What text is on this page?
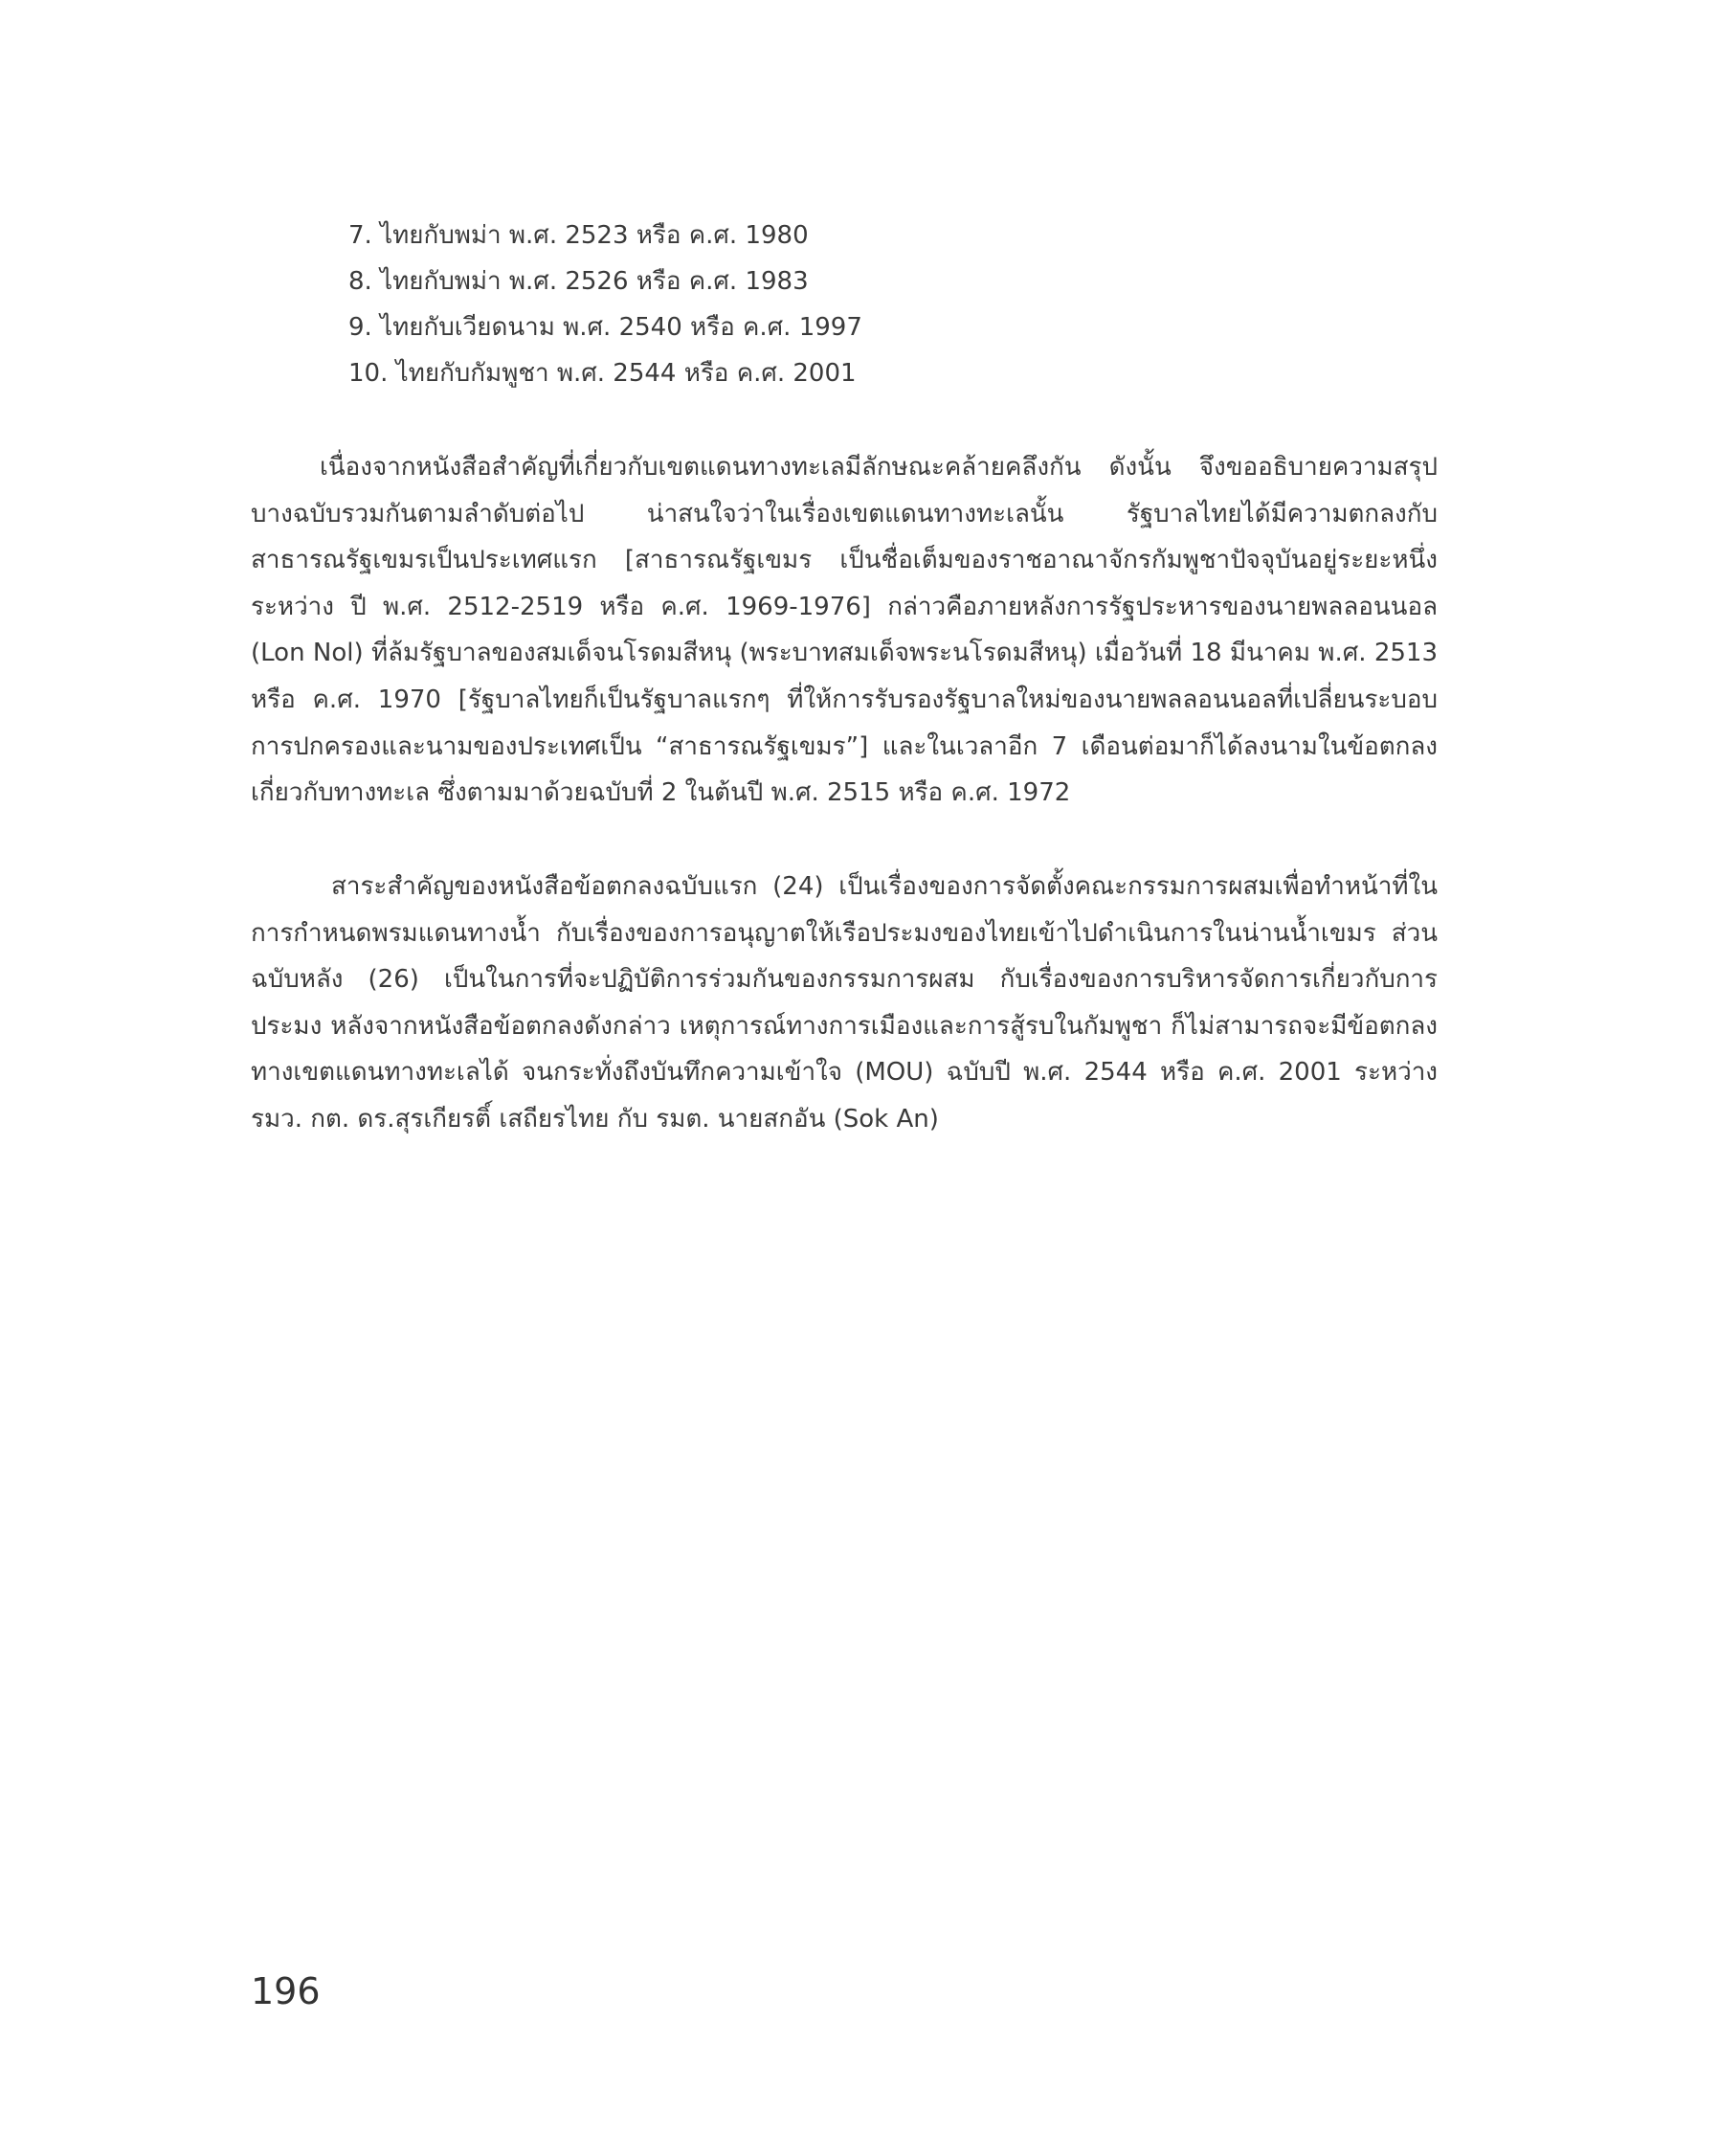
7. ไทยกับพม่า พ.ศ. 2523 หรือ ค.ศ. 1980
8. ไทยกับพม่า พ.ศ. 2526 หรือ ค.ศ. 1983
9. ไทยกับเวียดนาม พ.ศ. 2540 หรือ ค.ศ. 1997
10. ไทยกับกัมพูชา พ.ศ. 2544 หรือ ค.ศ. 2001

เนื่องจากหนังสือสำคัญที่เกี่ยวกับเขตแดนทางทะเลมีลักษณะคล้ายคลึงกัน ดังนั้น จึงขออธิบายความสรุปบางฉบับรวมกันตามลำดับต่อไป น่าสนใจว่าในเรื่องเขตแดนทางทะเลนั้น รัฐบาลไทยได้มีความตกลงกับสาธารณรัฐเขมรเป็นประเทศแรก [สาธารณรัฐเขมร เป็นชื่อเต็มของราชอาณาจักรกัมพูชาปัจจุบันอยู่ระยะหนึ่ง ระหว่าง ปี พ.ศ. 2512-2519 หรือ ค.ศ. 1969-1976] กล่าวคือภายหลังการรัฐประหารของนายพลลอนนอล (Lon Nol) ที่ล้มรัฐบาลของสมเด็จนโรดมสีหนุ (พระบาทสมเด็จพระนโรดมสีหนุ) เมื่อวันที่ 18 มีนาคม พ.ศ. 2513 หรือ ค.ศ. 1970 [รัฐบาลไทยก็เป็นรัฐบาลแรกๆ ที่ให้การรับรองรัฐบาลใหม่ของนายพลลอนนอลที่เปลี่ยนระบอบการปกครองและนามของประเทศเป็น “สาธารณรัฐเขมร”] และในเวลาอีก 7 เดือนต่อมาก็ได้ลงนามในข้อตกลงเกี่ยวกับทางทะเล ซึ่งตามมาด้วยฉบับที่ 2 ในต้นปี พ.ศ. 2515 หรือ ค.ศ. 1972

สาระสำคัญของหนังสือข้อตกลงฉบับแรก (24) เป็นเรื่องของการจัดตั้งคณะกรรมการผสมเพื่อทำหน้าที่ในการกำหนดพรมแดนทางน้ำ กับเรื่องของการอนุญาตให้เรือประมงของไทยเข้าไปดำเนินการในน่านน้ำเขมร ส่วนฉบับหลัง (26) เป็นในการที่จะปฏิบัติการร่วมกันของกรรมการผสม กับเรื่องของการบริหารจัดการเกี่ยวกับการประมง หลังจากหนังสือข้อตกลงดังกล่าว เหตุการณ์ทางการเมืองและการสู้รบในกัมพูชา ก็ไม่สามารถจะมีข้อตกลงทางเขตแดนทางทะเลได้ จนกระทั่งถึงบันทึกความเข้าใจ (MOU) ฉบับปี พ.ศ. 2544 หรือ ค.ศ. 2001 ระหว่าง รมว. กต. ดร.สุรเกียรติ์ เสถียรไทย กับ รมต. นายสกอัน (Sok An)

196
